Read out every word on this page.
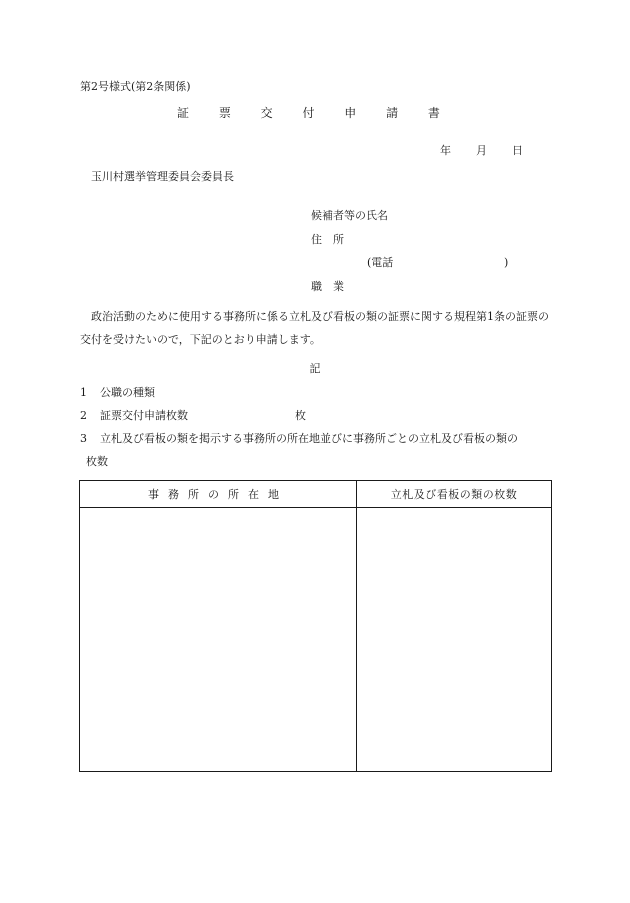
第2号様式(第2条関係)
証 票 交 付 申 請 書
年 月 日
玉川村選挙管理委員会委員長
候補者等の氏名
住　所
(電話	)
職　業
政治活動のために使用する事務所に係る立札及び看板の類の証票に関する規程第1条の証票の交付を受けたいので，下記のとおり申請します。
記
1 公職の種類
2 証票交付申請枚数	枚
3 立札及び看板の類を掲示する事務所の所在地並びに事務所ごとの立札及び看板の類の
枚数
事務所の所在地	立札及び看板の類の枚数
